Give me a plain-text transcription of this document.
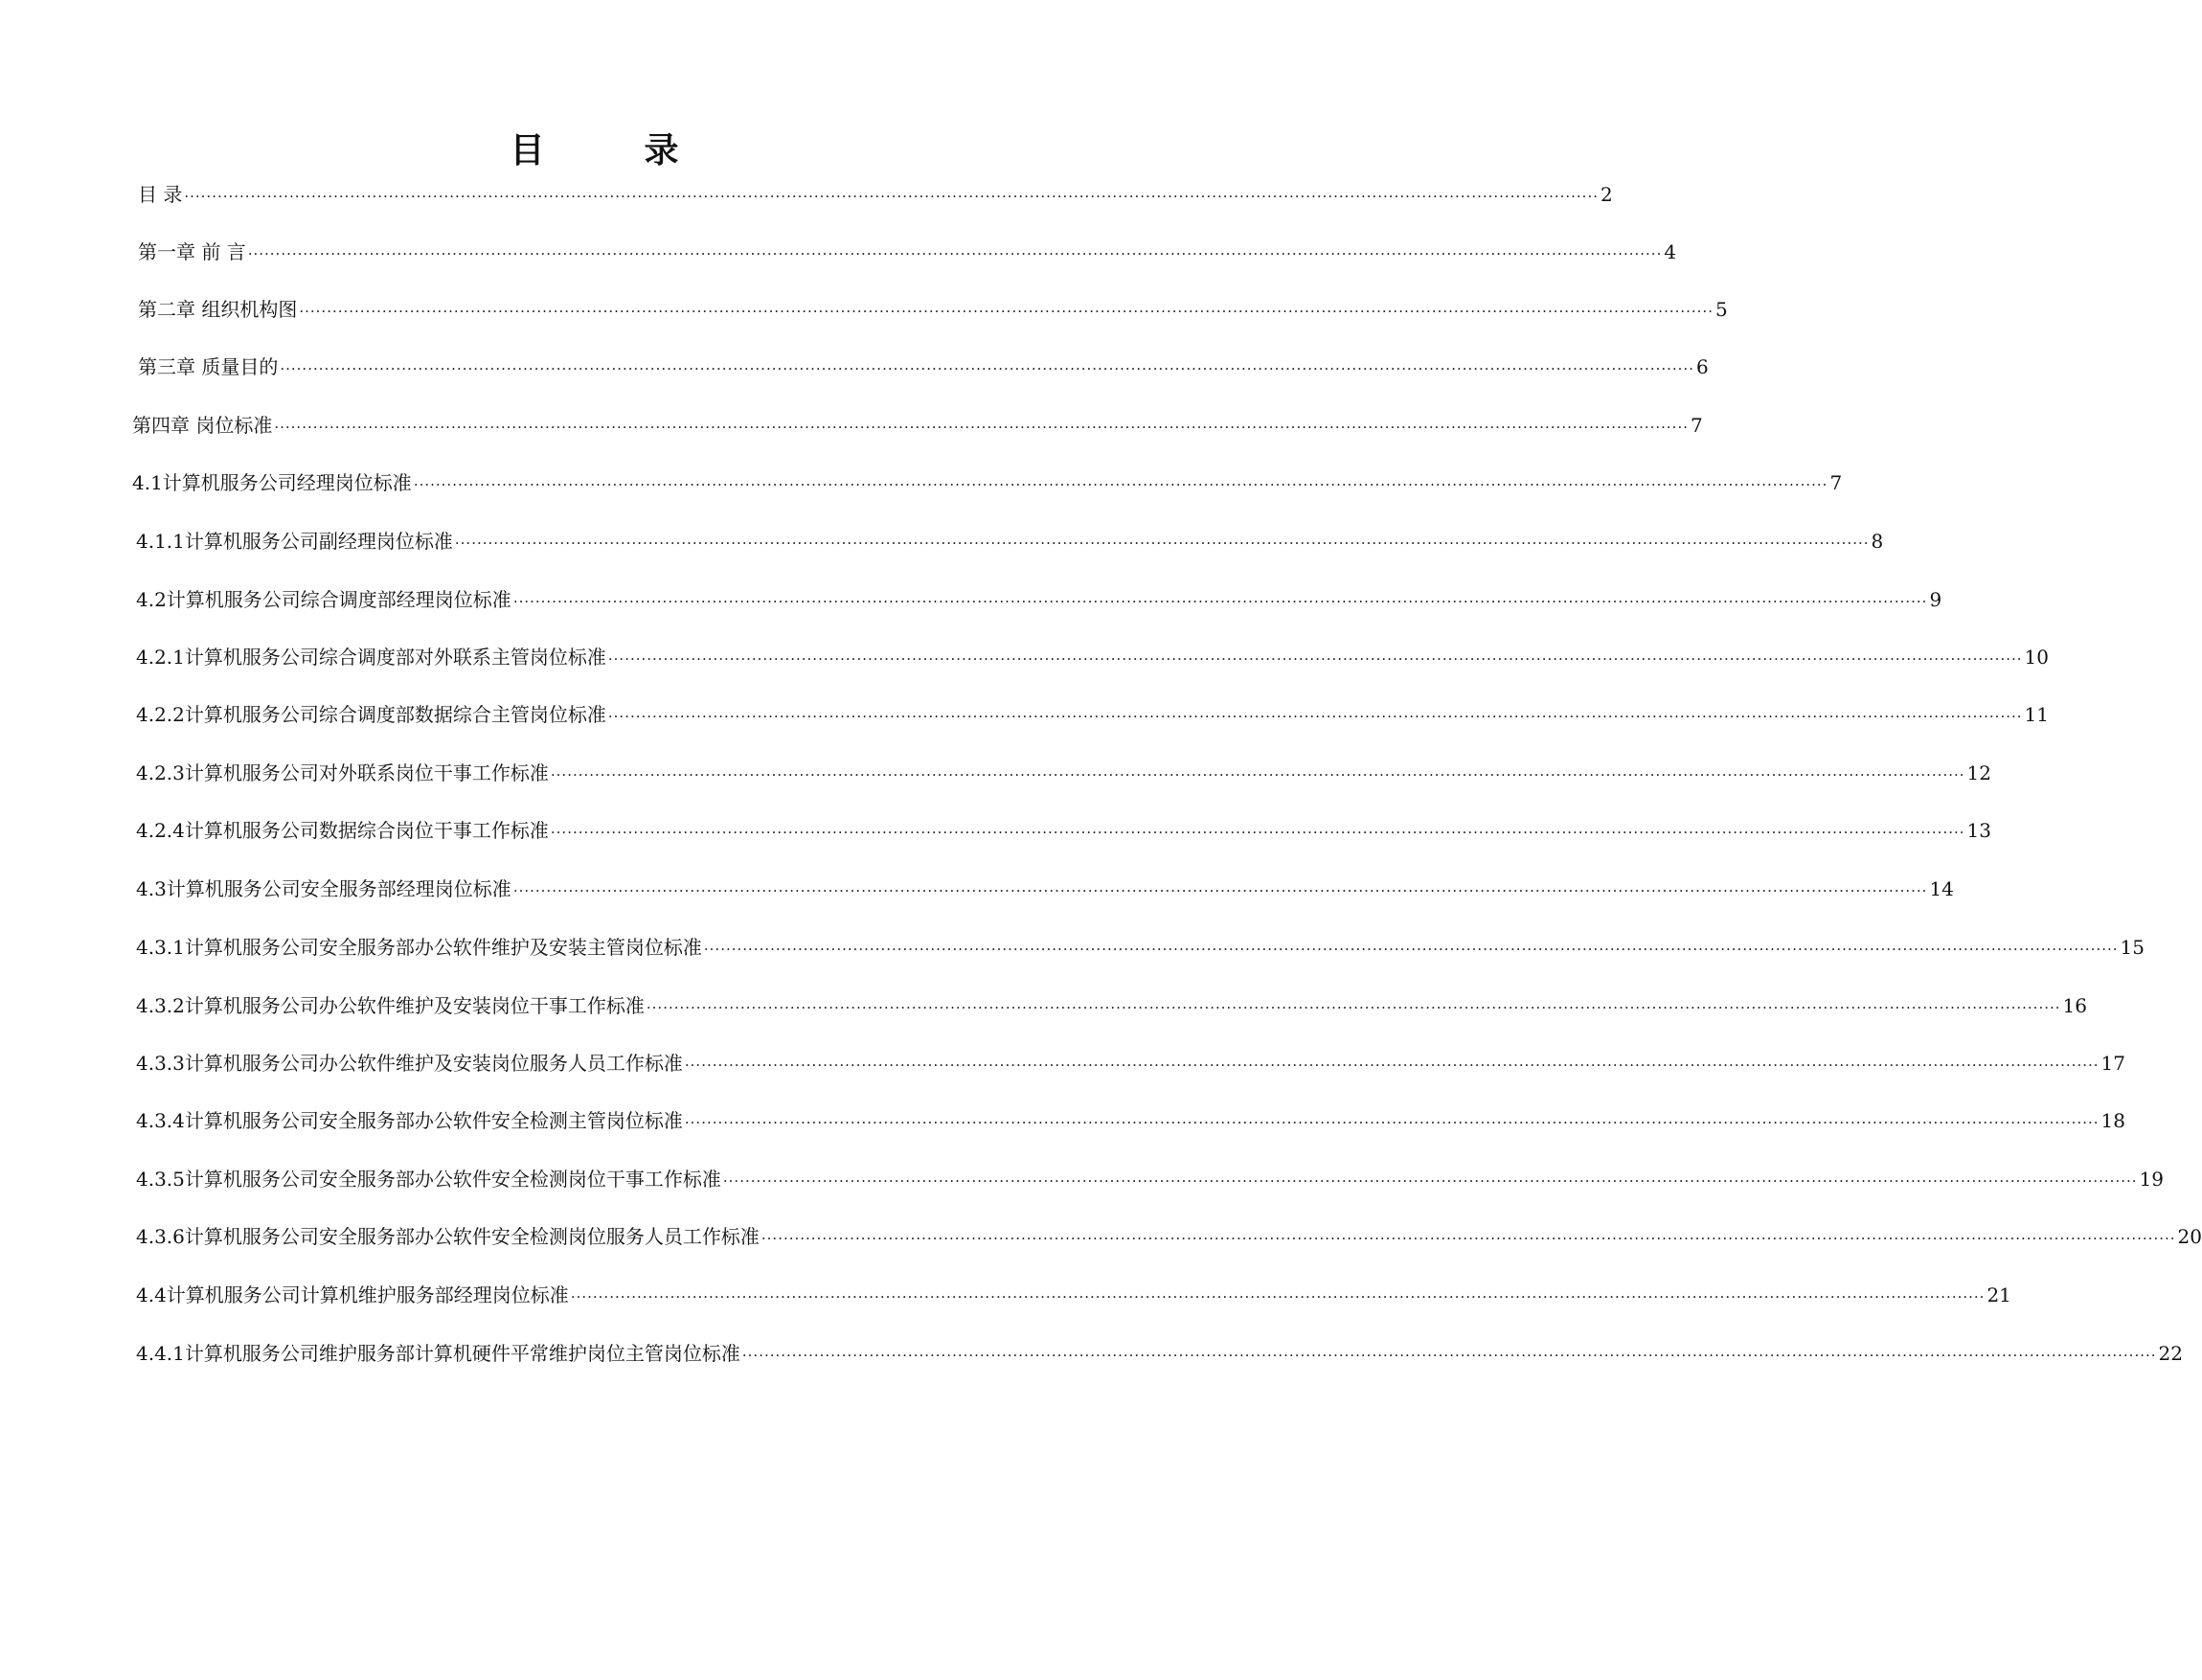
目　录
目 录 ································································································································································································································································ 2
第一章 前 言 ································································································································································································································································ 4
第二章 组织机构图 ································································································································································································································································ 5
第三章 质量目的 ································································································································································································································································ 6
第四章 岗位标准 ································································································································································································································································ 7
4.1计算机服务公司经理岗位标准 ································································································································································································································································ 7
4.1.1计算机服务公司副经理岗位标准 ································································································································································································································································ 8
4.2计算机服务公司综合调度部经理岗位标准 ································································································································································································································································ 9
4.2.1计算机服务公司综合调度部对外联系主管岗位标准 ································································································································································································································································ 10
4.2.2计算机服务公司综合调度部数据综合主管岗位标准 ································································································································································································································································ 11
4.2.3计算机服务公司对外联系岗位干事工作标准 ································································································································································································································································ 12
4.2.4计算机服务公司数据综合岗位干事工作标准 ································································································································································································································································ 13
4.3计算机服务公司安全服务部经理岗位标准 ································································································································································································································································ 14
4.3.1计算机服务公司安全服务部办公软件维护及安装主管岗位标准 ································································································································································································································································ 15
4.3.2计算机服务公司办公软件维护及安装岗位干事工作标准 ································································································································································································································································ 16
4.3.3计算机服务公司办公软件维护及安装岗位服务人员工作标准 ································································································································································································································································ 17
4.3.4计算机服务公司安全服务部办公软件安全检测主管岗位标准 ································································································································································································································································ 18
4.3.5计算机服务公司安全服务部办公软件安全检测岗位干事工作标准 ································································································································································································································································ 19
4.3.6计算机服务公司安全服务部办公软件安全检测岗位服务人员工作标准 ································································································································································································································································ 20
4.4计算机服务公司计算机维护服务部经理岗位标准 ································································································································································································································································ 21
4.4.1计算机服务公司维护服务部计算机硬件平常维护岗位主管岗位标准 ································································································································································································································································ 22
